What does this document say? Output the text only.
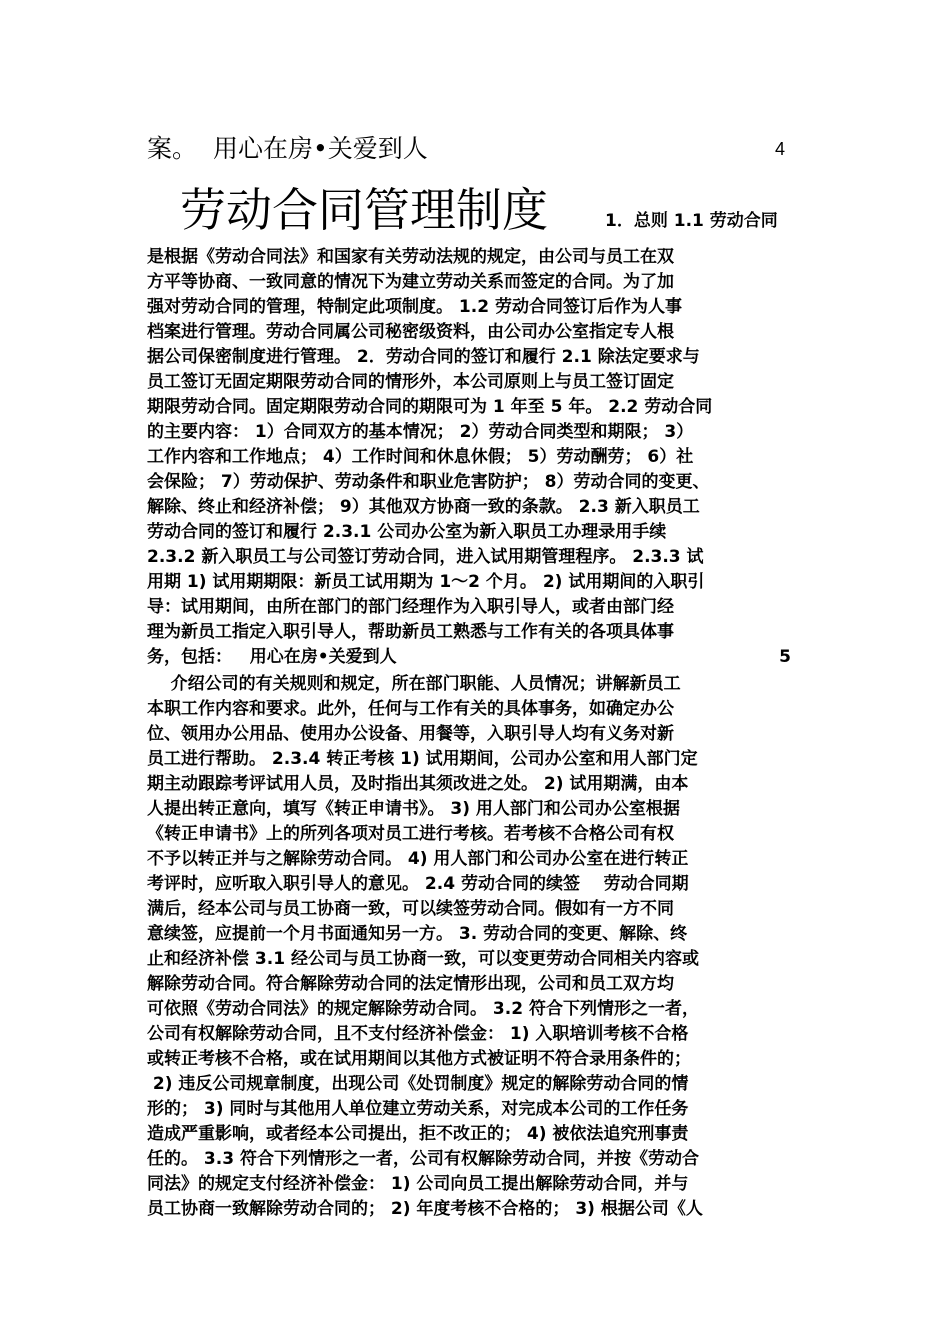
案。 用心在房•关爱到人	4
劳动合同管理制度	1．总则 1.1 劳动合同
是根据《劳动合同法》和国家有关劳动法规的规定，由公司与员工在双
方平等协商、一致同意的情况下为建立劳动关系而签定的合同。为了加
强对劳动合同的管理，特制定此项制度。 1.2 劳动合同签订后作为人事
档案进行管理。劳动合同属公司秘密级资料，由公司办公室指定专人根
据公司保密制度进行管理。 2．劳动合同的签订和履行 2.1 除法定要求与
员工签订无固定期限劳动合同的情形外，本公司原则上与员工签订固定
期限劳动合同。固定期限劳动合同的期限可为 1 年至 5 年。 2.2 劳动合同
的主要内容： 1）合同双方的基本情况； 2）劳动合同类型和期限； 3）
工作内容和工作地点； 4）工作时间和休息休假； 5）劳动酬劳； 6）社
会保险； 7）劳动保护、劳动条件和职业危害防护； 8）劳动合同的变更、
解除、终止和经济补偿； 9）其他双方协商一致的条款。 2.3 新入职员工
劳动合同的签订和履行 2.3.1 公司办公室为新入职员工办理录用手续
2.3.2 新入职员工与公司签订劳动合同，进入试用期管理程序。 2.3.3 试
用期 1) 试用期期限：新员工试用期为 1～2 个月。 2) 试用期间的入职引
导：试用期间，由所在部门的部门经理作为入职引导人，或者由部门经
理为新员工指定入职引导人，帮助新员工熟悉与工作有关的各项具体事
务，包括：   用心在房•关爱到人	5
介绍公司的有关规则和规定，所在部门职能、人员情况；讲解新员工
本职工作内容和要求。此外，任何与工作有关的具体事务，如确定办公
位、领用办公用品、使用办公设备、用餐等，入职引导人均有义务对新
员工进行帮助。 2.3.4 转正考核 1) 试用期间，公司办公室和用人部门定
期主动跟踪考评试用人员，及时指出其须改进之处。 2) 试用期满，由本
人提出转正意向，填写《转正申请书》。 3) 用人部门和公司办公室根据
《转正申请书》上的所列各项对员工进行考核。若考核不合格公司有权
不予以转正并与之解除劳动合同。 4) 用人部门和公司办公室在进行转正
考评时，应听取入职引导人的意见。 2.4 劳动合同的续签    劳动合同期
满后，经本公司与员工协商一致，可以续签劳动合同。假如有一方不同
意续签，应提前一个月书面通知另一方。 3. 劳动合同的变更、解除、终
止和经济补偿 3.1 经公司与员工协商一致，可以变更劳动合同相关内容或
解除劳动合同。符合解除劳动合同的法定情形出现，公司和员工双方均
可依照《劳动合同法》的规定解除劳动合同。 3.2 符合下列情形之一者，
公司有权解除劳动合同，且不支付经济补偿金： 1) 入职培训考核不合格
或转正考核不合格，或在试用期间以其他方式被证明不符合录用条件的；
2) 违反公司规章制度，出现公司《处罚制度》规定的解除劳动合同的情
形的； 3) 同时与其他用人单位建立劳动关系，对完成本公司的工作任务
造成严重影响，或者经本公司提出，拒不改正的； 4) 被依法追究刑事责
任的。 3.3 符合下列情形之一者，公司有权解除劳动合同，并按《劳动合
同法》的规定支付经济补偿金： 1) 公司向员工提出解除劳动合同，并与
员工协商一致解除劳动合同的； 2) 年度考核不合格的； 3) 根据公司《人
